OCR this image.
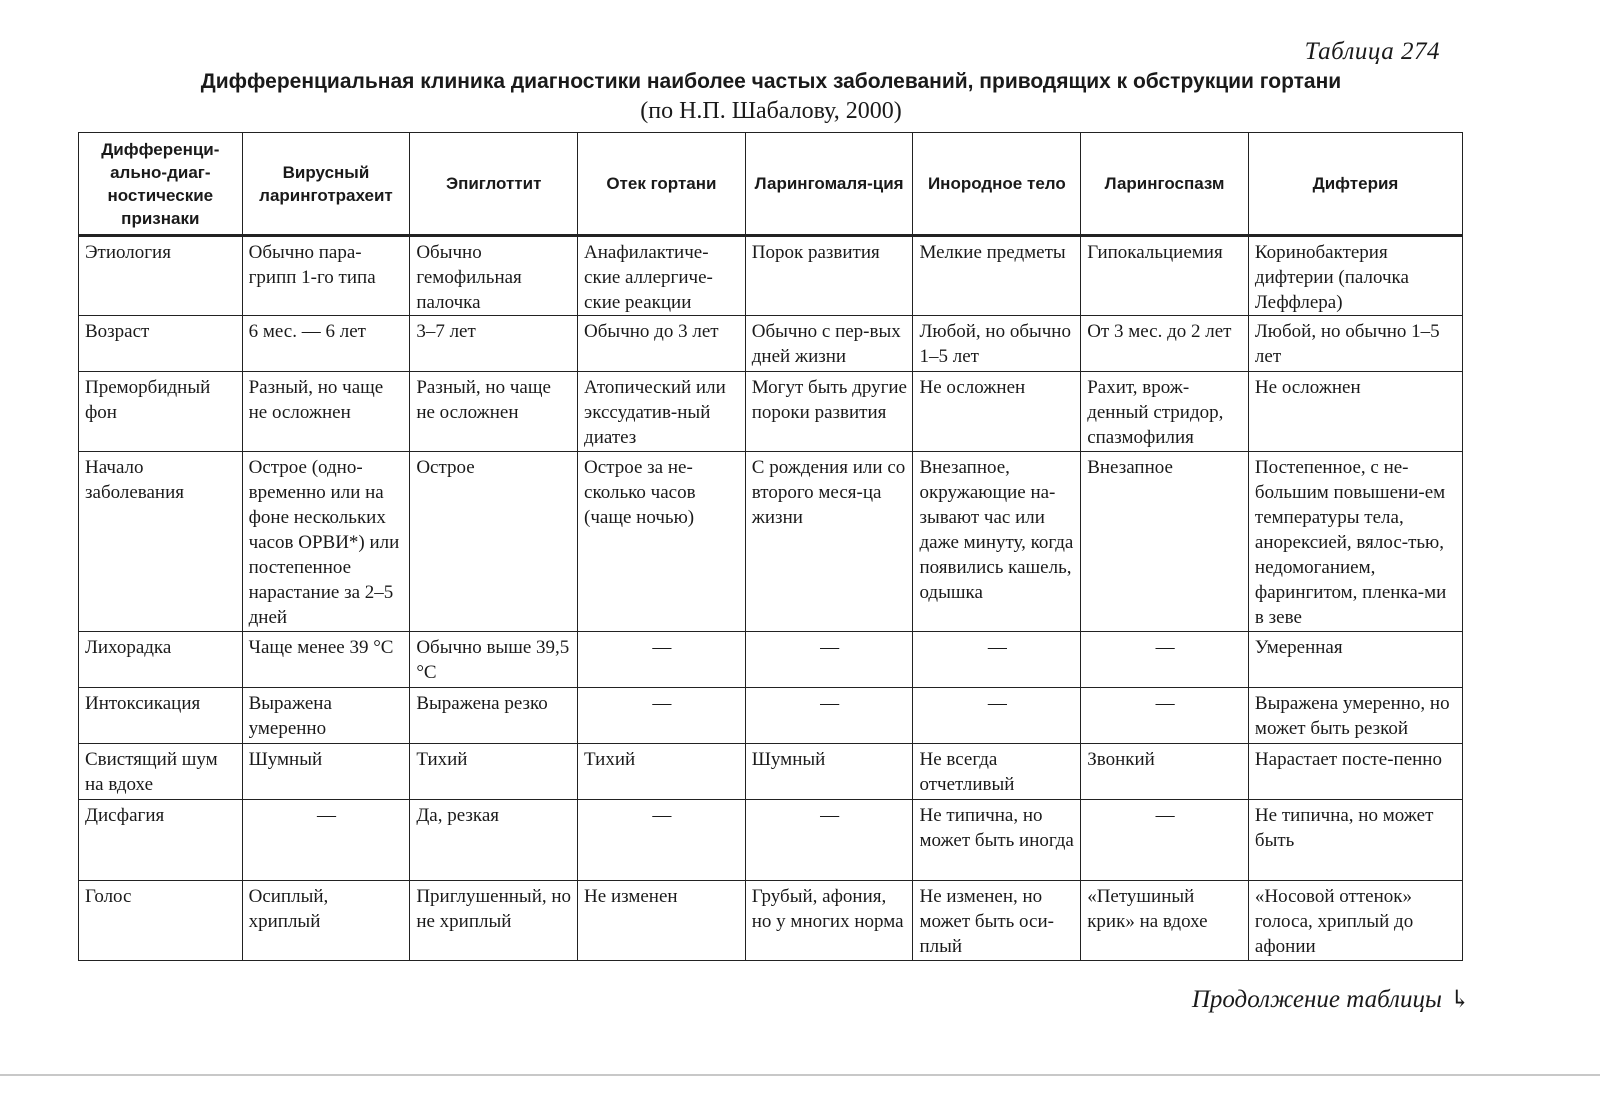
Таблица 274
Дифференциальная клиника диагностики наиболее частых заболеваний, приводящих к обструкции гортани
(по Н.П. Шабалову, 2000)
Дифференци-ально-диаг-ностические признаки	Вирусный ларинготрахеит	Эпиглоттит	Отек гортани	Ларингомаля-ция	Инородное тело	Ларингоспазм	Дифтерия
Этиология	Обычно пара-грипп 1-го типа	Обычно гемофильная палочка	Анафилактиче-ские аллергиче-ские реакции	Порок развития	Мелкие предметы	Гипокальциемия	Коринобактерия дифтерии (палочка Леффлера)
Возраст	6 мес. — 6 лет	3–7 лет	Обычно до 3 лет	Обычно с пер-вых дней жизни	Любой, но обычно 1–5 лет	От 3 мес. до 2 лет	Любой, но обычно 1–5 лет
Преморбидный фон	Разный, но чаще не осложнен	Разный, но чаще не осложнен	Атопический или экссудатив-ный диатез	Могут быть другие пороки развития	Не осложнен	Рахит, врож-денный стридор, спазмофилия	Не осложнен
Начало заболевания	Острое (одно-временно или на фоне нескольких часов ОРВИ*) или постепенное нарастание за 2–5 дней	Острое	Острое за не-сколько часов (чаще ночью)	С рождения или со второго меся-ца жизни	Внезапное, окружающие на-зывают час или даже минуту, когда появились кашель, одышка	Внезапное	Постепенное, с не-большим повышени-ем температуры тела, анорексией, вялос-тью, недомоганием, фарингитом, пленка-ми в зеве
Лихорадка	Чаще менее 39 °C	Обычно выше 39,5 °C	—	—	—	—	Умеренная
Интоксикация	Выражена умеренно	Выражена резко	—	—	—	—	Выражена умеренно, но может быть резкой
Свистящий шум на вдохе	Шумный	Тихий	Тихий	Шумный	Не всегда отчетливый	Звонкий	Нарастает посте-пенно
Дисфагия	—	Да, резкая	—	—	Не типична, но может быть иногда	—	Не типична, но может быть
Голос	Осиплый, хриплый	Приглушенный, но не хриплый	Не изменен	Грубый, афония, но у многих норма	Не изменен, но может быть оси-плый	«Петушиный крик» на вдохе	«Носовой оттенок» голоса, хриплый до афонии
Продолжение таблицы ↳
